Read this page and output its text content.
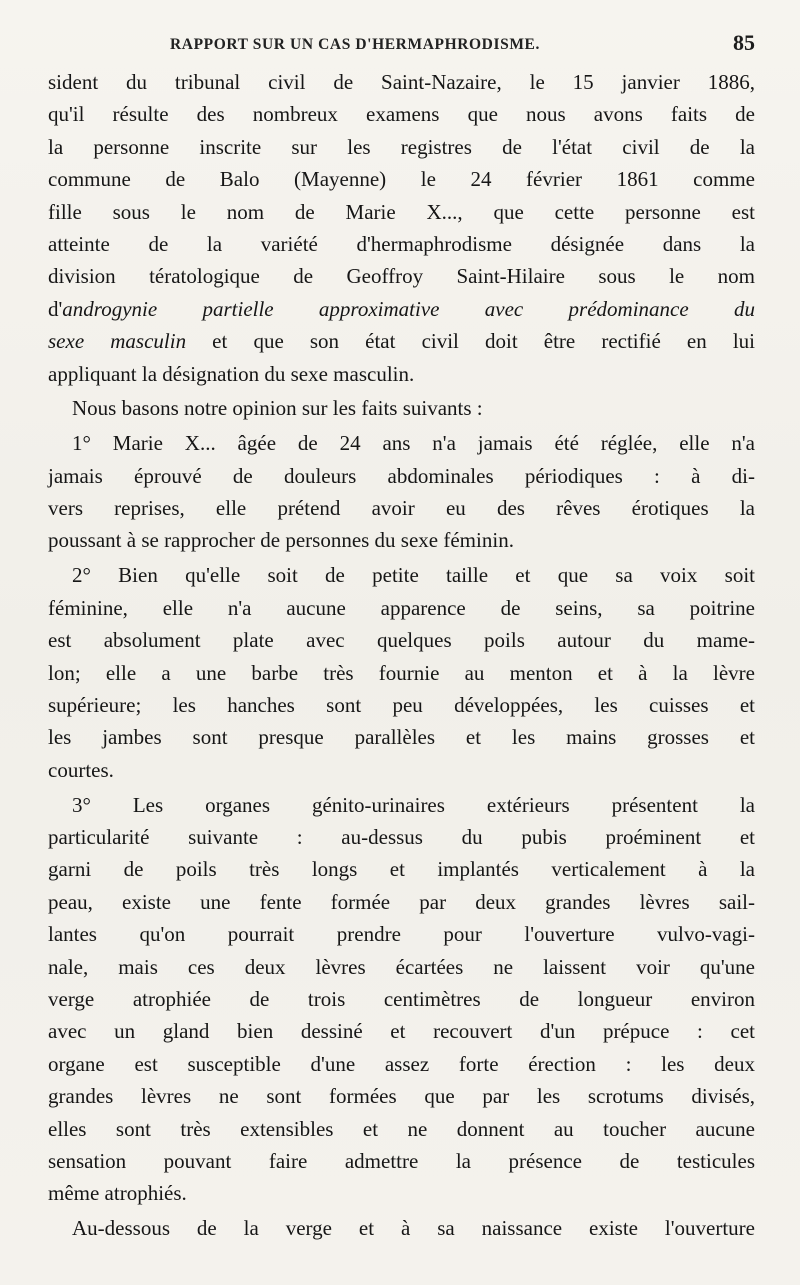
RAPPORT SUR UN CAS D'HERMAPHRODISME.	85
sident du tribunal civil de Saint-Nazaire, le 15 janvier 1886,
qu'il résulte des nombreux examens que nous avons faits de
la personne inscrite sur les registres de l'état civil de la
commune de Balo (Mayenne) le 24 février 1861 comme
fille sous le nom de Marie X..., que cette personne est
atteinte de la variété d'hermaphrodisme désignée dans la
division tératologique de Geoffroy Saint-Hilaire sous le nom
d'androgynie partielle approximative avec prédominance du
sexe masculin et que son état civil doit être rectifié en lui
appliquant la désignation du sexe masculin.
Nous basons notre opinion sur les faits suivants :
1° Marie X... âgée de 24 ans n'a jamais été réglée, elle n'a
jamais éprouvé de douleurs abdominales périodiques : à di-
vers reprises, elle prétend avoir eu des rêves érotiques la
poussant à se rapprocher de personnes du sexe féminin.
2° Bien qu'elle soit de petite taille et que sa voix soit
féminine, elle n'a aucune apparence de seins, sa poitrine
est absolument plate avec quelques poils autour du mame-
lon; elle a une barbe très fournie au menton et à la lèvre
supérieure; les hanches sont peu développées, les cuisses et
les jambes sont presque parallèles et les mains grosses et
courtes.
3° Les organes génito-urinaires extérieurs présentent la
particularité suivante : au-dessus du pubis proéminent et
garni de poils très longs et implantés verticalement à la
peau, existe une fente formée par deux grandes lèvres sail-
lantes qu'on pourrait prendre pour l'ouverture vulvo-vagi-
nale, mais ces deux lèvres écartées ne laissent voir qu'une
verge atrophiée de trois centimètres de longueur environ
avec un gland bien dessiné et recouvert d'un prépuce : cet
organe est susceptible d'une assez forte érection : les deux
grandes lèvres ne sont formées que par les scrotums divisés,
elles sont très extensibles et ne donnent au toucher aucune
sensation pouvant faire admettre la présence de testicules
même atrophiés.
Au-dessous de la verge et à sa naissance existe l'ouverture
